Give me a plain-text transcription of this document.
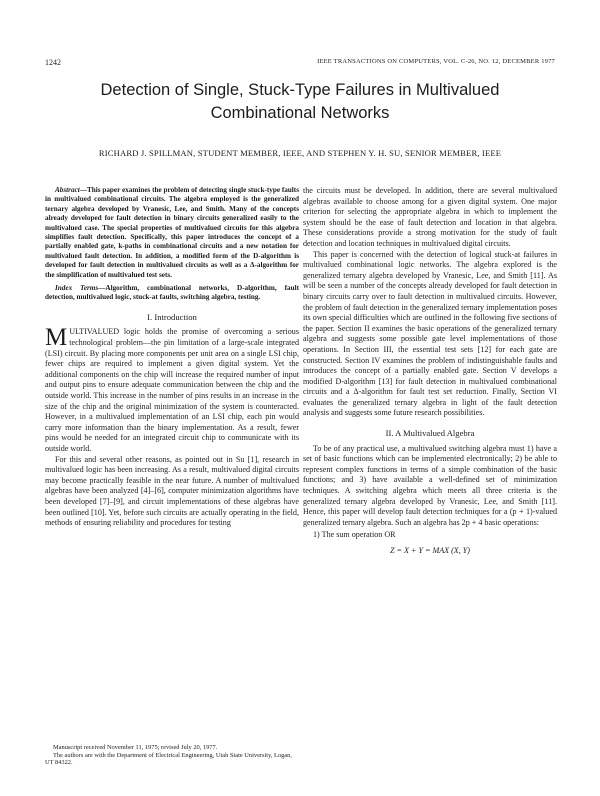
1242	IEEE TRANSACTIONS ON COMPUTERS, VOL. C-26, NO. 12, DECEMBER 1977
Detection of Single, Stuck-Type Failures in Multivalued
Combinational Networks
RICHARD J. SPILLMAN, STUDENT MEMBER, IEEE, AND STEPHEN Y. H. SU, SENIOR MEMBER, IEEE

Abstract—This paper examines the problem of detecting single stuck-type faults in multivalued combinational circuits. The algebra employed is the generalized ternary algebra developed by Vranesic, Lee, and Smith. Many of the concepts already developed for fault detection in binary circuits generalized easily to the multivalued case. The special properties of multivalued circuits for this algebra simplifies fault detection. Specifically, this paper introduces the concept of a partially enabled gate, k-paths in combinational circuits and a new notation for multivalued fault detection. In addition, a modified form of the D-algorithm is developed for fault detection in multivalued circuits as well as a Δ-algorithm for the simplification of multivalued test sets.

Index Terms—Algorithm, combinational networks, D-algorithm, fault detection, multivalued logic, stuck-at faults, switching algebra, testing.

I. Introduction

MULTIVALUED logic holds the promise of overcoming a serious technological problem—the pin limitation of a large-scale integrated (LSI) circuit. By placing more components per unit area on a single LSI chip, fewer chips are required to implement a given digital system. Yet the additional components on the chip will increase the required number of input and output pins to ensure adequate communication between the chip and the outside world. This increase in the number of pins results in an increase in the size of the chip and the original minimization of the system is counteracted. However, in a multivalued implementation of an LSI chip, each pin would carry more information than the binary implementation. As a result, fewer pins would be needed for an integrated circuit chip to communicate with its outside world.

For this and several other reasons, as pointed out in Su [1], research in multivalued logic has been increasing. As a result, multivalued digital circuits may become practically feasible in the near future. A number of multivalued algebras have been analyzed [4]–[6], computer minimization algorithms have been developed [7]–[9], and circuit implementations of these algebras have been outlined [10]. Yet, before such circuits are actually operating in the field, methods of ensuring reliability and procedures for testing

Manuscript received November 11, 1975; revised July 20, 1977.

The authors are with the Department of Electrical Engineering, Utah State University, Logan, UT 84322.

the circuits must be developed. In addition, there are several multivalued algebras available to choose among for a given digital system. One major criterion for selecting the appropriate algebra in which to implement the system should be the ease of fault detection and location in that algebra. These considerations provide a strong motivation for the study of fault detection and location techniques in multivalued digital circuits.

This paper is concerned with the detection of logical stuck-at failures in multivalued combinational logic networks. The algebra explored is the generalized ternary algebra developed by Vranesic, Lee, and Smith [11]. As will be seen a number of the concepts already developed for fault detection in binary circuits carry over to fault detection in multivalued circuits. However, the problem of fault detection in the generalized ternary implementation poses its own special difficulties which are outlined in the following five sections of the paper. Section II examines the basic operations of the generalized ternary algebra and suggests some possible gate level implementations of those operations. In Section III, the essential test sets [12] for each gate are constructed. Section IV examines the problem of indistinguishable faults and introduces the concept of a partially enabled gate. Section V develops a modified D-algorithm [13] for fault detection in multivalued combinational circuits and a Δ-algorithm for fault test set reduction. Finally, Section VI evaluates the generalized ternary algebra in light of the fault detection analysis and suggests some future research possibilities.

II. A Multivalued Algebra

To be of any practical use, a multivalued switching algebra must 1) have a set of basic functions which can be implemented electronically; 2) be able to represent complex functions in terms of a simple combination of the basic functions; and 3) have available a well-defined set of minimization techniques. A switching algebra which meets all three criteria is the generalized ternary algebra developed by Vranesic, Lee, and Smith [11]. Hence, this paper will develop fault detection techniques for a (p + 1)-valued generalized ternary algebra. Such an algebra has 2p + 4 basic operations:

1) The sum operation OR

Z = X + Y = MAX (X, Y)
